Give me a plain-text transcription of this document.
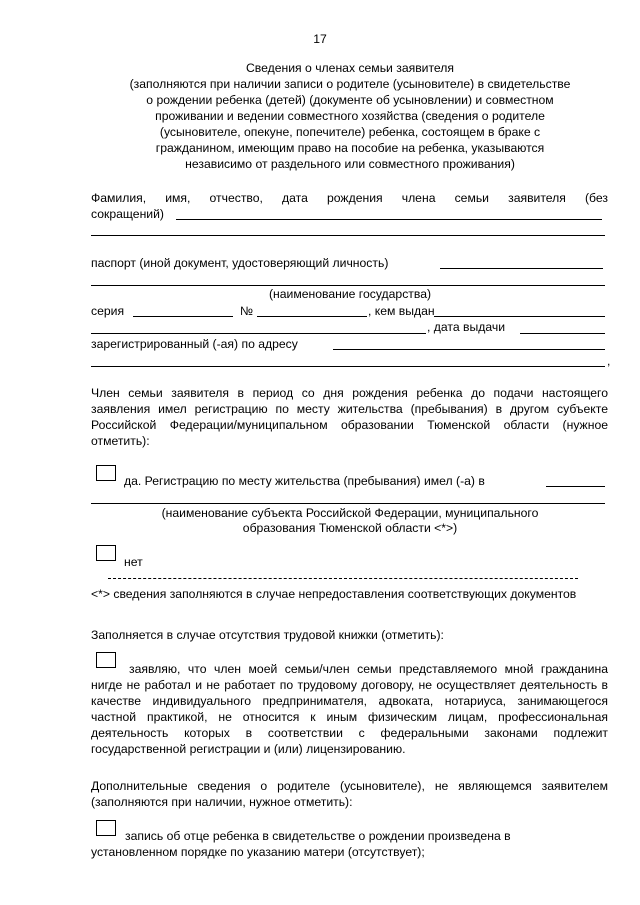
17
Сведения о членах семьи заявителя
(заполняются при наличии записи о родителе (усыновителе) в свидетельстве
о рождении ребенка (детей) (документе об усыновлении) и совместном
проживании и ведении совместного хозяйства (сведения о родителе
(усыновителе, опекуне, попечителе) ребенка, состоящем в браке с
гражданином, имеющим право на пособие на ребенка, указываются
независимо от раздельного или совместного проживания)
Фамилия, имя, отчество, дата рождения члена семьи заявителя (без
сокращений)
паспорт (иной документ, удостоверяющий личность)
(наименование государства)
серия	№	, кем выдан
, дата выдачи
зарегистрированный (-ая) по адресу
,
Член семьи заявителя в период со дня рождения ребенка до подачи настоящего заявления имел регистрацию по месту жительства (пребывания) в другом субъекте Российской Федерации/муниципальном образовании Тюменской области (нужное отметить):
да. Регистрацию по месту жительства (пребывания) имел (-а) в
(наименование субъекта Российской Федерации, муниципального
образования Тюменской области <*>)
нет
<*> сведения заполняются в случае непредоставления соответствующих документов
Заполняется в случае отсутствия трудовой книжки (отметить):
заявляю, что член моей семьи/член семьи представляемого мной гражданина нигде не работал и не работает по трудовому договору, не осуществляет деятельность в качестве индивидуального предпринимателя, адвоката, нотариуса, занимающегося частной практикой, не относится к иным физическим лицам, профессиональная деятельность которых в соответствии с федеральными законами подлежит государственной регистрации и (или) лицензированию.
Дополнительные сведения о родителе (усыновителе), не являющемся заявителем (заполняются при наличии, нужное отметить):
запись об отце ребенка в свидетельстве о рождении произведена в установленном порядке по указанию матери (отсутствует);
